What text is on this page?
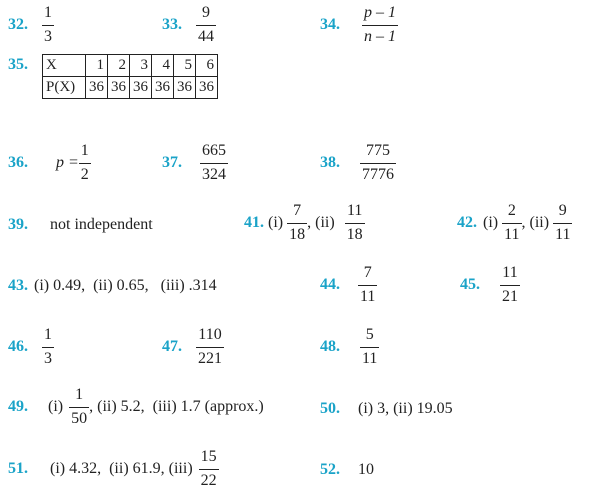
32. $\frac{1}{3}$	33. $\frac{9}{44}$	34.	$\frac{p - 1}{n - 1}$
35.	X	1	2	3	4	5	6
P(X)	36	36	36	36	36	36
36.	$p = \frac{1}{2}$	37.	$\frac{665}{324}$	38.	$\frac{775}{7776}$
39.	not independent	41. $(i) \frac{7}{18}$ , $(ii) \frac{11}{18}$	42. $(i) \frac{2}{11}$ , $(ii) \frac{9}{11}$
43. (i) 0.49,  (ii) 0.65,   (iii) .314	44.	$\frac{7}{11}$	45.	$\frac{11}{21}$
46. $\frac{1}{3}$	47. $\frac{110}{221}$	48.	$\frac{5}{11}$
49.	$(i) \frac{1}{50}$ , (ii) 5.2,  (iii) 1.7 (approx.)	50.	(i) 3, (ii) 19.05
51.	(i) 4.32,  (ii) 61.9, $(iii) \frac{15}{22}$	52.	10
